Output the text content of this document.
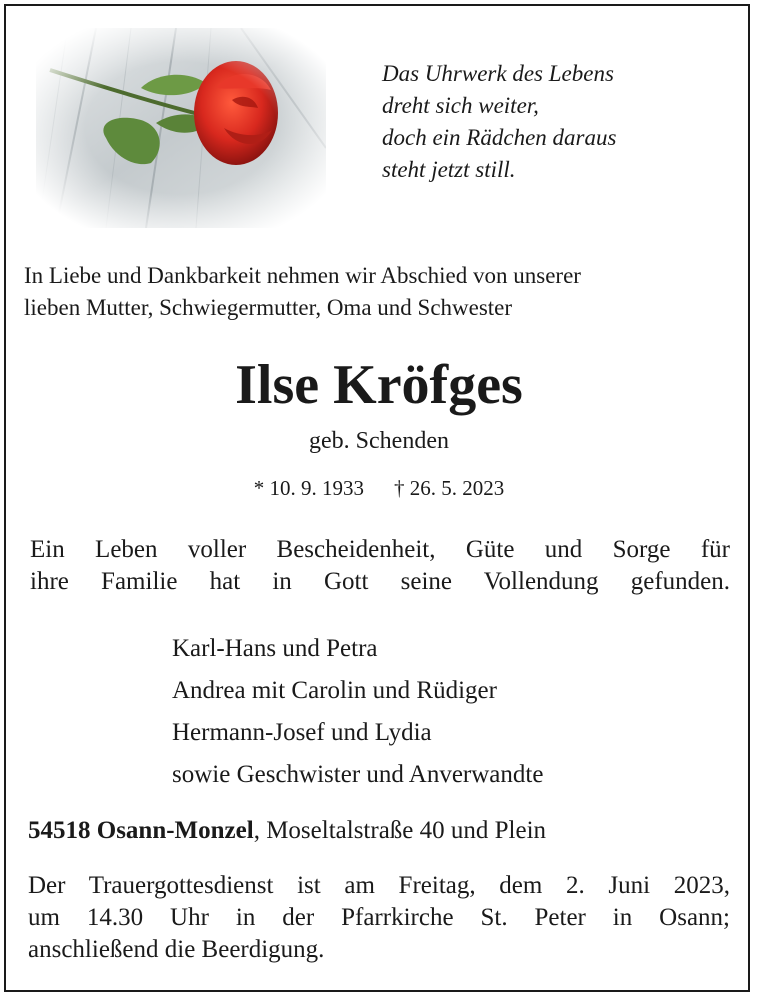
Das Uhrwerk des Lebens
dreht sich weiter,
doch ein Rädchen daraus
steht jetzt still.
In Liebe und Dankbarkeit nehmen wir Abschied von unserer
lieben Mutter, Schwiegermutter, Oma und Schwester
Ilse Kröfges
geb. Schenden
* 10. 9. 1933 † 26. 5. 2023
Ein Leben voller Bescheidenheit, Güte und Sorge für
ihre Familie hat in Gott seine Vollendung gefunden.
Karl-Hans und Petra
Andrea mit Carolin und Rüdiger
Hermann-Josef und Lydia
sowie Geschwister und Anverwandte
54518 Osann-Monzel, Moseltalstraße 40 und Plein
Der Trauergottesdienst ist am Freitag, dem 2. Juni 2023,
um 14.30 Uhr in der Pfarrkirche St. Peter in Osann;
anschließend die Beerdigung.
